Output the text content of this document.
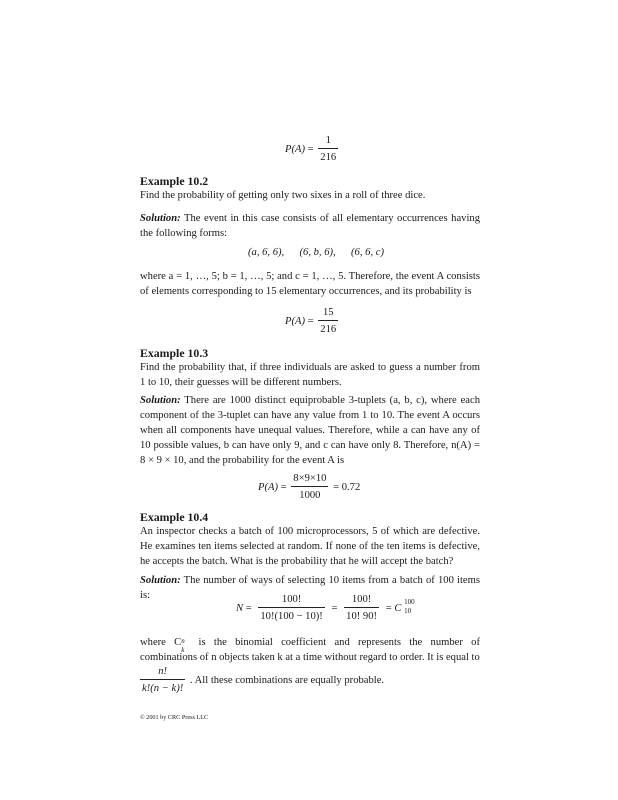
$P(A) = \frac{1}{216}$
Example 10.2
Find the probability of getting only two sixes in a roll of three dice.
Solution: The event in this case consists of all elementary occurrences having the following forms:
(a, 6, 6), (6, b, 6), (6, 6, c)
where a = 1, …, 5; b = 1, …, 5; and c = 1, …, 5. Therefore, the event A consists of elements corresponding to 15 elementary occurrences, and its probability is
$P(A) = \frac{15}{216}$
Example 10.3
Find the probability that, if three individuals are asked to guess a number from 1 to 10, their guesses will be different numbers.
Solution: There are 1000 distinct equiprobable 3-tuplets (a, b, c), where each component of the 3-tuplet can have any value from 1 to 10. The event A occurs when all components have unequal values. Therefore, while a can have any of 10 possible values, b can have only 9, and c can have only 8. Therefore, n(A) = 8 × 9 × 10, and the probability for the event A is
$P(A) = \frac{8\times 9\times 10}{1000} = 0.72$
Example 10.4
An inspector checks a batch of 100 microprocessors, 5 of which are defective. He examines ten items selected at random. If none of the ten items is defective, he accepts the batch. What is the probability that he will accept the batch?
Solution: The number of ways of selecting 10 items from a batch of 100 items is:
$N = \frac{100!}{10!(100 - 10)!} = \frac{100!}{10! 90!} = C$
100
10
where C n
k
is the binomial coefficient and represents the number of combinations of n objects taken k at a time without regard to order. It is equal to
$\frac{n!}{k!(n - k)!}$ . All these combinations are equally probable.
© 2001 by CRC Press LLC
